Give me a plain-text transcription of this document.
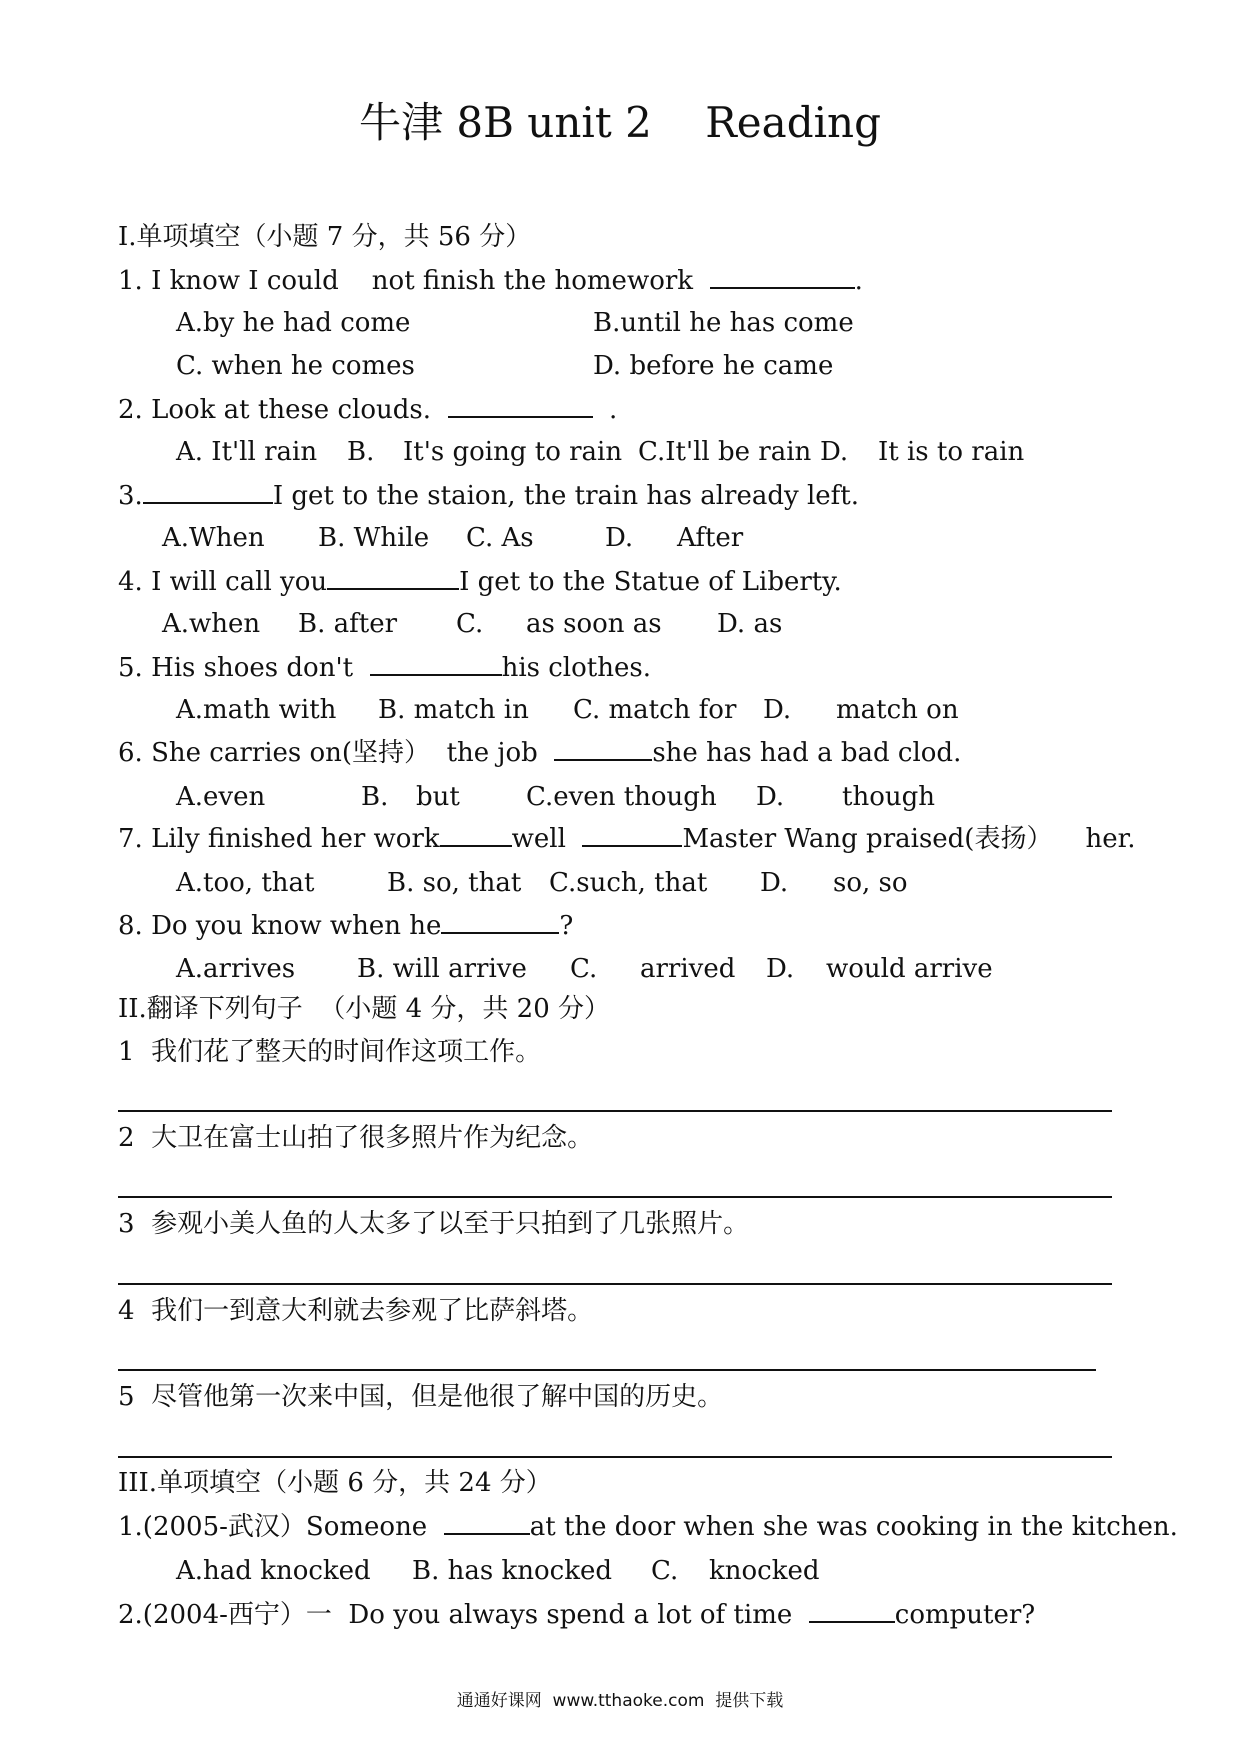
牛津 8B unit 2    Reading
I.单项填空（小题 7 分，共 56 分）
1. I know I could    not finish the homework	.
A.by he had come	B.until he has come
C. when he comes	D. before he came
2. Look at these clouds.	.
A. It'll rain B. It's going to rain C.It'll be rain D. It is to rain
3.	I get to the staion, the train has already left.
A.When B. While C. As	D. After
4. I will call you	I get to the Statue of Liberty.
A.when B. after C. as soon as D. as
5. His shoes don't	his clothes.
A.math with B. match in C. match for D. match on
6. She carries on(坚持）  the job	she has had a bad clod.
A.even	B. but	C.even though D. though
7. Lily finished her work	well	Master Wang praised(表扬） her.
A.too, that	B. so, that C.such, that D. so, so
8. Do you know when he	?
A.arrives B. will arrive C. arrived D. would arrive
II.翻译下列句子  （小题 4 分，共 20 分）
1  我们花了整天的时间作这项工作。
2  大卫在富士山拍了很多照片作为纪念。
3  参观小美人鱼的人太多了以至于只拍到了几张照片。
4  我们一到意大利就去参观了比萨斜塔。
5  尽管他第一次来中国，但是他很了解中国的历史。
III.单项填空（小题 6 分，共 24 分）
1.(2005-武汉）Someone	at the door when she was cooking in the kitchen.
A.had knocked B. has knocked C. knocked
2.(2004-西宁）一  Do you always spend a lot of time	computer?
通通好课网  www.tthaoke.com  提供下载
